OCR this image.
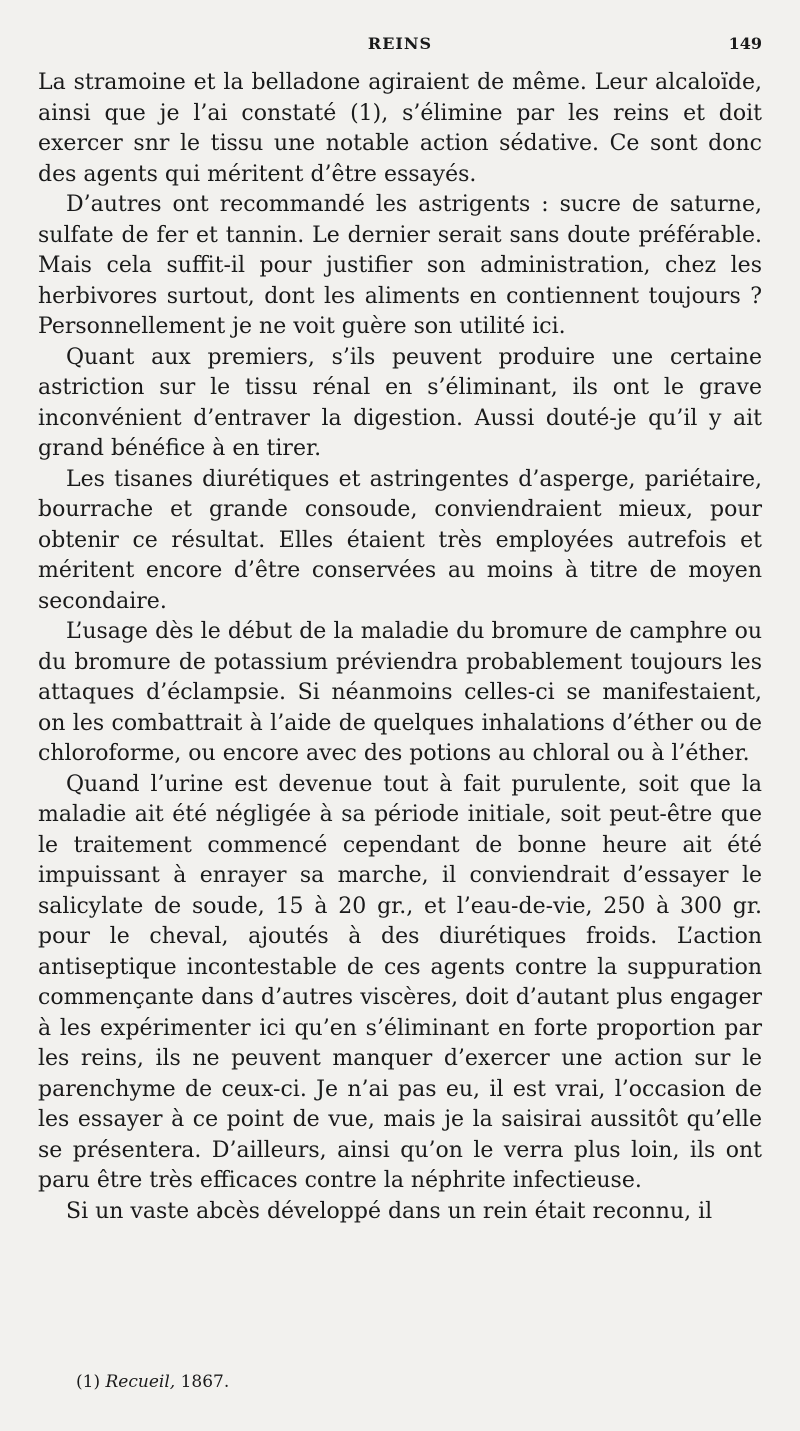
REINS	149

La stramoine et la belladone agiraient de même. Leur alcaloïde, ainsi que je l’ai constaté (1), s’élimine par les reins et doit exercer snr le tissu une notable action sédative. Ce sont donc des agents qui méritent d’être essayés.

D’autres ont recommandé les astrigents : sucre de saturne, sulfate de fer et tannin. Le dernier serait sans doute préférable. Mais cela suffit-il pour justifier son administration, chez les herbivores surtout, dont les aliments en contiennent toujours ? Personnellement je ne voit guère son utilité ici.

Quant aux premiers, s’ils peuvent produire une certaine astriction sur le tissu rénal en s’éliminant, ils ont le grave inconvénient d’entraver la digestion. Aussi douté-je qu’il y ait grand bénéfice à en tirer.

Les tisanes diurétiques et astringentes d’asperge, pariétaire, bourrache et grande consoude, conviendraient mieux, pour obtenir ce résultat. Elles étaient très employées autrefois et méritent encore d’être conservées au moins à titre de moyen secondaire.

L’usage dès le début de la maladie du bromure de camphre ou du bromure de potassium préviendra probablement toujours les attaques d’éclampsie. Si néanmoins celles-ci se manifestaient, on les combattrait à l’aide de quelques inhalations d’éther ou de chloroforme, ou encore avec des potions au chloral ou à l’éther.

Quand l’urine est devenue tout à fait purulente, soit que la maladie ait été négligée à sa période initiale, soit peut-être que le traitement commencé cependant de bonne heure ait été impuissant à enrayer sa marche, il conviendrait d’essayer le salicylate de soude, 15 à 20 gr., et l’eau-de-vie, 250 à 300 gr. pour le cheval, ajoutés à des diurétiques froids. L’action antiseptique incontestable de ces agents contre la suppuration commençante dans d’autres viscères, doit d’autant plus engager à les expérimenter ici qu’en s’éliminant en forte proportion par les reins, ils ne peuvent manquer d’exercer une action sur le parenchyme de ceux-ci. Je n’ai pas eu, il est vrai, l’occasion de les essayer à ce point de vue, mais je la saisirai aussitôt qu’elle se présentera. D’ailleurs, ainsi qu’on le verra plus loin, ils ont paru être très efficaces contre la néphrite infectieuse.

Si un vaste abcès développé dans un rein était reconnu, il

(1) Recueil, 1867.
